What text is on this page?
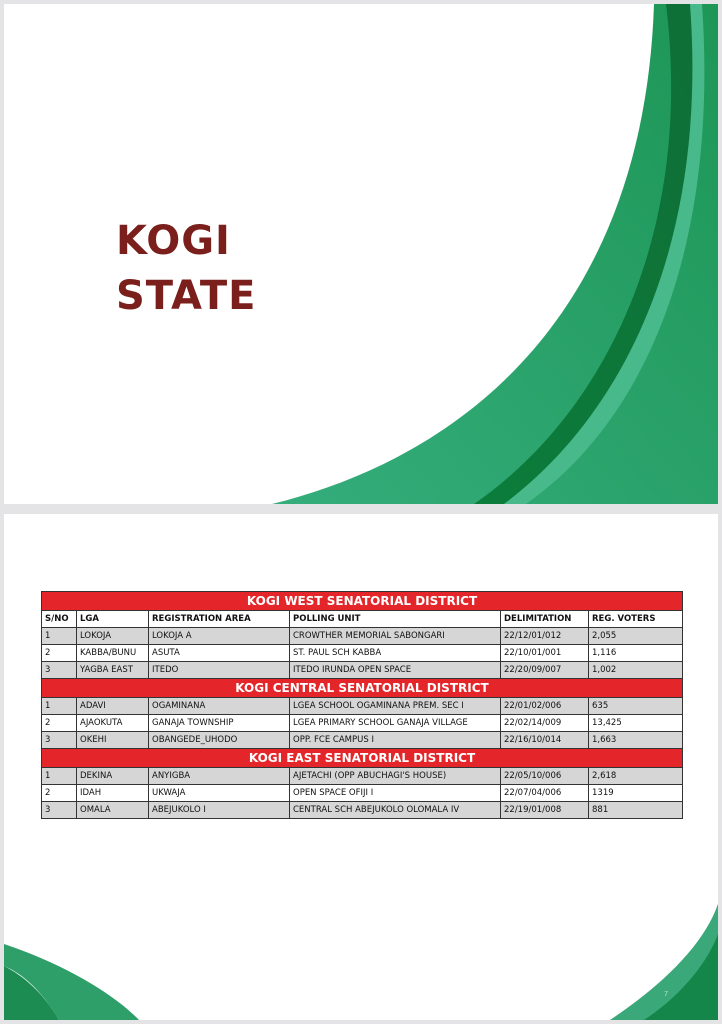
KOGI
STATE
KOGI WEST SENATORIAL DISTRICT					
S/NO	LGA	REGISTRATION AREA	POLLING UNIT	DELIMITATION	REG. VOTERS
1	LOKOJA	LOKOJA A	CROWTHER MEMORIAL SABONGARI	22/12/01/012	2,055
2	KABBA/BUNU	ASUTA	ST. PAUL SCH KABBA	22/10/01/001	1,116
3	YAGBA EAST	ITEDO	ITEDO IRUNDA OPEN SPACE	22/20/09/007	1,002
KOGI CENTRAL SENATORIAL DISTRICT					
1	ADAVI	OGAMINANA	LGEA SCHOOL OGAMINANA PREM. SEC I	22/01/02/006	635
2	AJAOKUTA	GANAJA TOWNSHIP	LGEA PRIMARY SCHOOL GANAJA VILLAGE	22/02/14/009	13,425
3	OKEHI	OBANGEDE_UHODO	OPP. FCE CAMPUS I	22/16/10/014	1,663
KOGI EAST SENATORIAL DISTRICT					
1	DEKINA	ANYIGBA	AJETACHI (OPP ABUCHAGI'S HOUSE)	22/05/10/006	2,618
2	IDAH	UKWAJA	OPEN SPACE OFIJI I	22/07/04/006	1319
3	OMALA	ABEJUKOLO I	CENTRAL SCH ABEJUKOLO OLOMALA IV	22/19/01/008	881
7
